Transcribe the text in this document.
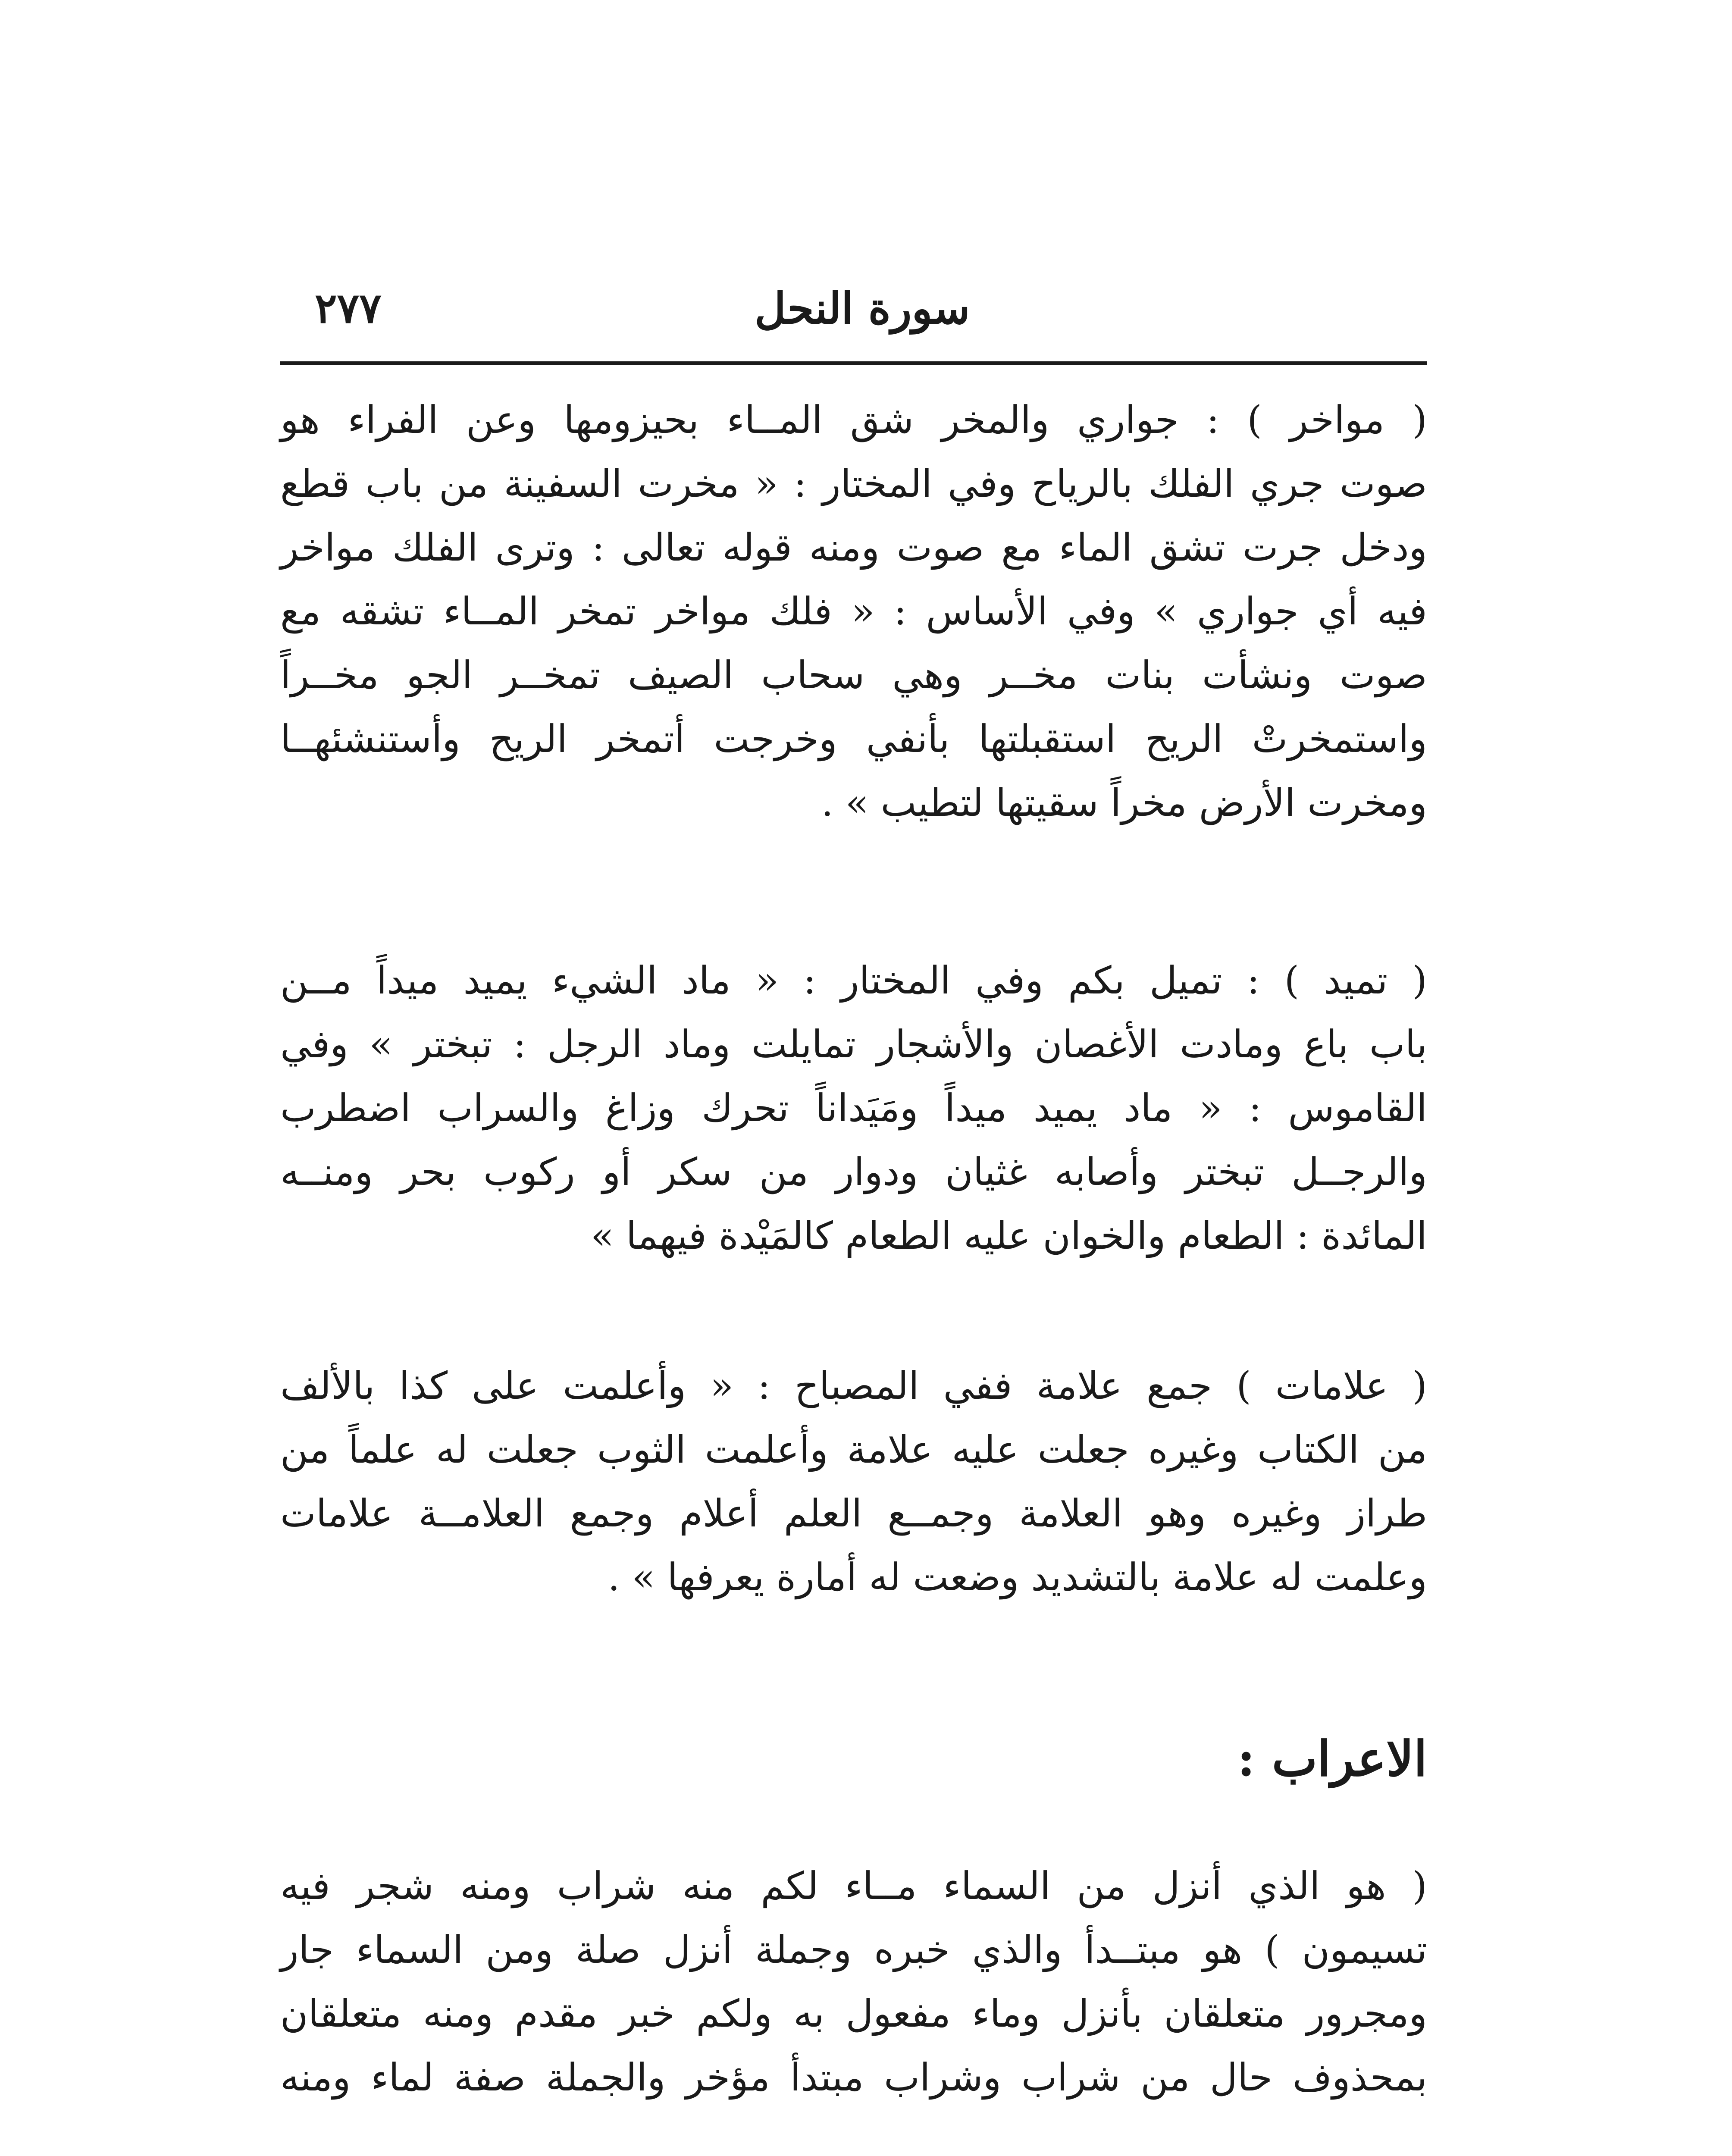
٢٧٧	سورة النحل

( مواخر ) : جواري والمخر شق المــاء بحيزومها وعن الفراء هو
صوت جري الفلك بالرياح وفي المختار : « مخرت السفينة من باب قطع
ودخل جرت تشق الماء مع صوت ومنه قوله تعالى : وترى الفلك مواخر
فيه أي جواري » وفي الأساس : « فلك مواخر تمخر المــاء تشقه مع
صوت ونشأت بنات مخــر وهي سحاب الصيف تمخــر الجو مخــراً
واستمخرتْ الريح استقبلتها بأنفي وخرجت أتمخر الريح وأستنشئهــا
ومخرت الأرض مخراً سقيتها لتطيب » .

( تميد ) : تميل بكم وفي المختار : « ماد الشيء يميد ميداً مــن
باب باع ومادت الأغصان والأشجار تمايلت وماد الرجل : تبختر » وفي
القاموس : « ماد يميد ميداً ومَيَداناً تحرك وزاغ والسراب اضطرب
والرجــل تبختر وأصابه غثيان ودوار من سكر أو ركوب بحر ومنــه
المائدة : الطعام والخوان عليه الطعام كالمَيْدة فيهما »

( علامات ) جمع علامة ففي المصباح : « وأعلمت على كذا بالألف
من الكتاب وغيره جعلت عليه علامة وأعلمت الثوب جعلت له علماً من
طراز وغيره وهو العلامة وجمــع العلم أعلام وجمع العلامــة علامات
وعلمت له علامة بالتشديد وضعت له أمارة يعرفها » .

الاعراب :

( هو الذي أنزل من السماء مــاء لكم منه شراب ومنه شجر فيه
تسيمون ) هو مبتــدأ والذي خبره وجملة أنزل صلة ومن السماء جار
ومجرور متعلقان بأنزل وماء مفعول به ولكم خبر مقدم ومنه متعلقان
بمحذوف حال من شراب وشراب مبتدأ مؤخر والجملة صفة لماء ومنه
